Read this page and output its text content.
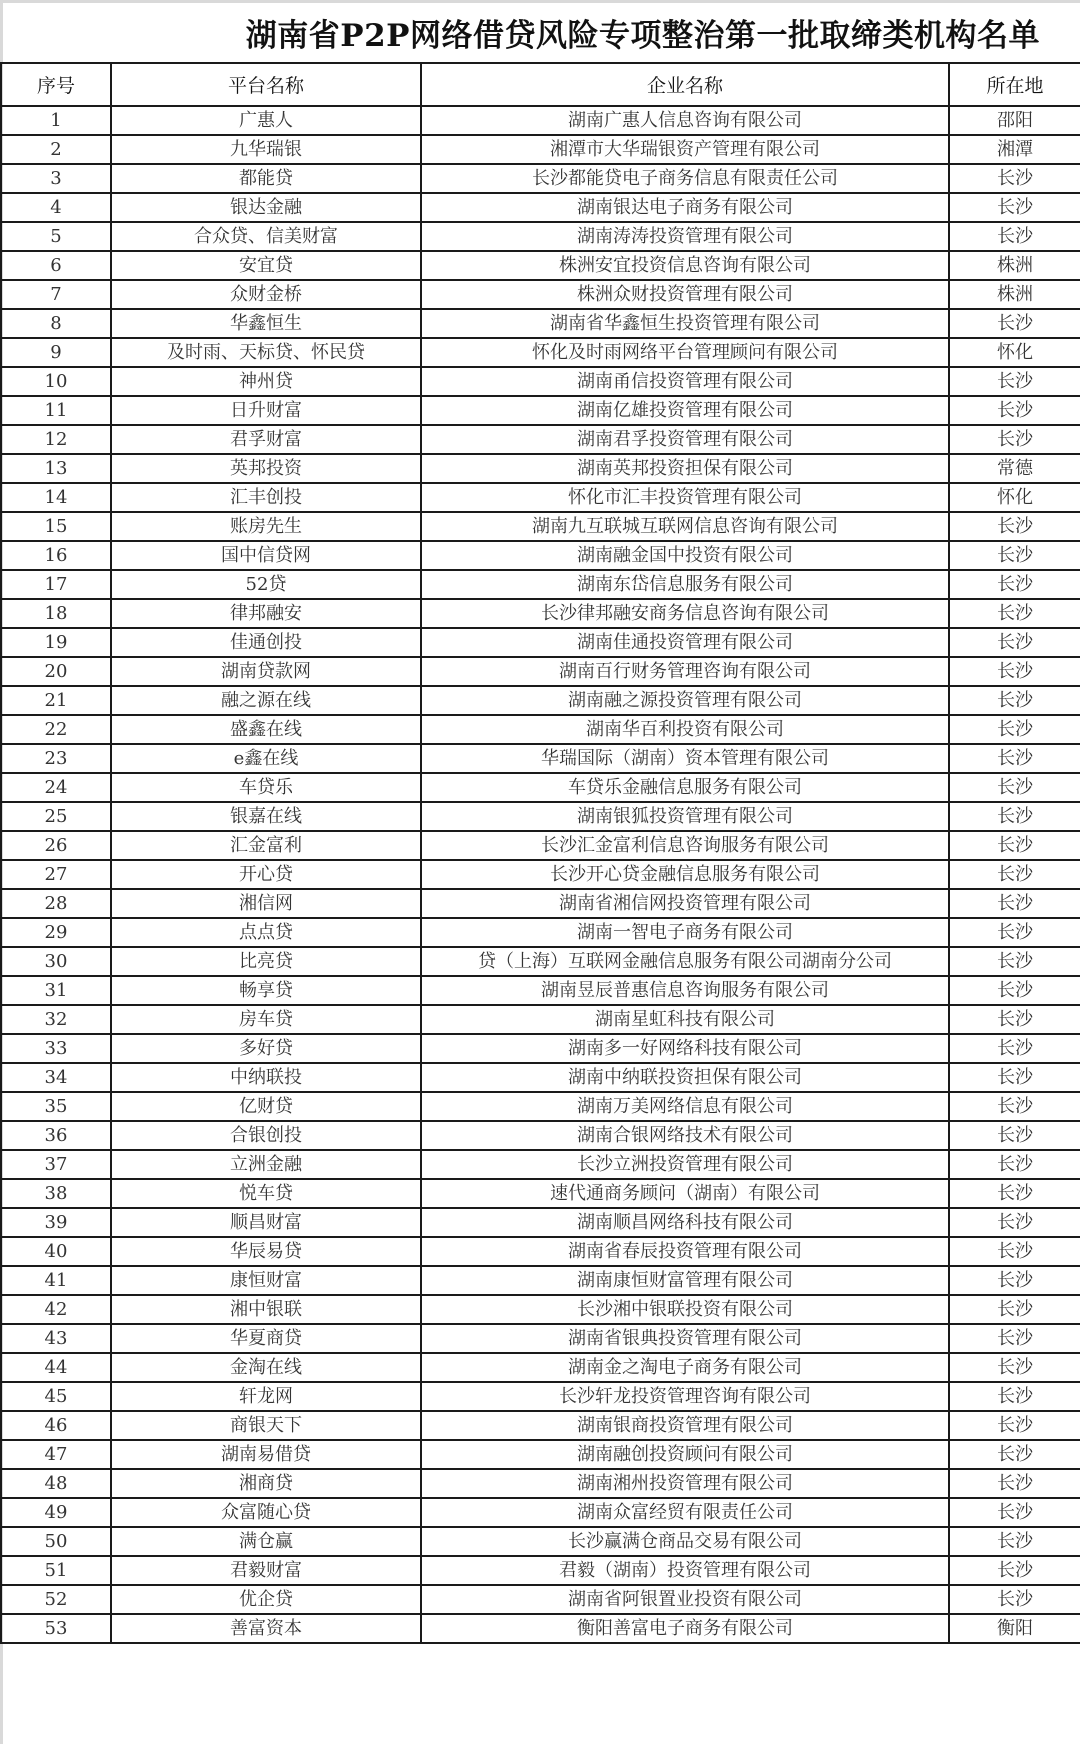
湖南省P2P网络借贷风险专项整治第一批取缔类机构名单
序号	平台名称	企业名称	所在地
1	广惠人	湖南广惠人信息咨询有限公司	邵阳
2	九华瑞银	湘潭市大华瑞银资产管理有限公司	湘潭
3	都能贷	长沙都能贷电子商务信息有限责任公司	长沙
4	银达金融	湖南银达电子商务有限公司	长沙
5	合众贷、信美财富	湖南涛涛投资管理有限公司	长沙
6	安宜贷	株洲安宜投资信息咨询有限公司	株洲
7	众财金桥	株洲众财投资管理有限公司	株洲
8	华鑫恒生	湖南省华鑫恒生投资管理有限公司	长沙
9	及时雨、天标贷、怀民贷	怀化及时雨网络平台管理顾问有限公司	怀化
10	神州贷	湖南甬信投资管理有限公司	长沙
11	日升财富	湖南亿雄投资管理有限公司	长沙
12	君孚财富	湖南君孚投资管理有限公司	长沙
13	英邦投资	湖南英邦投资担保有限公司	常德
14	汇丰创投	怀化市汇丰投资管理有限公司	怀化
15	账房先生	湖南九互联城互联网信息咨询有限公司	长沙
16	国中信贷网	湖南融金国中投资有限公司	长沙
17	52贷	湖南东岱信息服务有限公司	长沙
18	律邦融安	长沙律邦融安商务信息咨询有限公司	长沙
19	佳通创投	湖南佳通投资管理有限公司	长沙
20	湖南贷款网	湖南百行财务管理咨询有限公司	长沙
21	融之源在线	湖南融之源投资管理有限公司	长沙
22	盛鑫在线	湖南华百利投资有限公司	长沙
23	e鑫在线	华瑞国际（湖南）资本管理有限公司	长沙
24	车贷乐	车贷乐金融信息服务有限公司	长沙
25	银嘉在线	湖南银狐投资管理有限公司	长沙
26	汇金富利	长沙汇金富利信息咨询服务有限公司	长沙
27	开心贷	长沙开心贷金融信息服务有限公司	长沙
28	湘信网	湖南省湘信网投资管理有限公司	长沙
29	点点贷	湖南一智电子商务有限公司	长沙
30	比亮贷	贷（上海）互联网金融信息服务有限公司湖南分公司	长沙
31	畅享贷	湖南昱辰普惠信息咨询服务有限公司	长沙
32	房车贷	湖南星虹科技有限公司	长沙
33	多好贷	湖南多一好网络科技有限公司	长沙
34	中纳联投	湖南中纳联投资担保有限公司	长沙
35	亿财贷	湖南万美网络信息有限公司	长沙
36	合银创投	湖南合银网络技术有限公司	长沙
37	立洲金融	长沙立洲投资管理有限公司	长沙
38	悦车贷	速代通商务顾问（湖南）有限公司	长沙
39	顺昌财富	湖南顺昌网络科技有限公司	长沙
40	华辰易贷	湖南省春辰投资管理有限公司	长沙
41	康恒财富	湖南康恒财富管理有限公司	长沙
42	湘中银联	长沙湘中银联投资有限公司	长沙
43	华夏商贷	湖南省银典投资管理有限公司	长沙
44	金淘在线	湖南金之淘电子商务有限公司	长沙
45	轩龙网	长沙轩龙投资管理咨询有限公司	长沙
46	商银天下	湖南银商投资管理有限公司	长沙
47	湖南易借贷	湖南融创投资顾问有限公司	长沙
48	湘商贷	湖南湘州投资管理有限公司	长沙
49	众富随心贷	湖南众富经贸有限责任公司	长沙
50	满仓赢	长沙赢满仓商品交易有限公司	长沙
51	君毅财富	君毅（湖南）投资管理有限公司	长沙
52	优企贷	湖南省阿银置业投资有限公司	长沙
53	善富资本	衡阳善富电子商务有限公司	衡阳
